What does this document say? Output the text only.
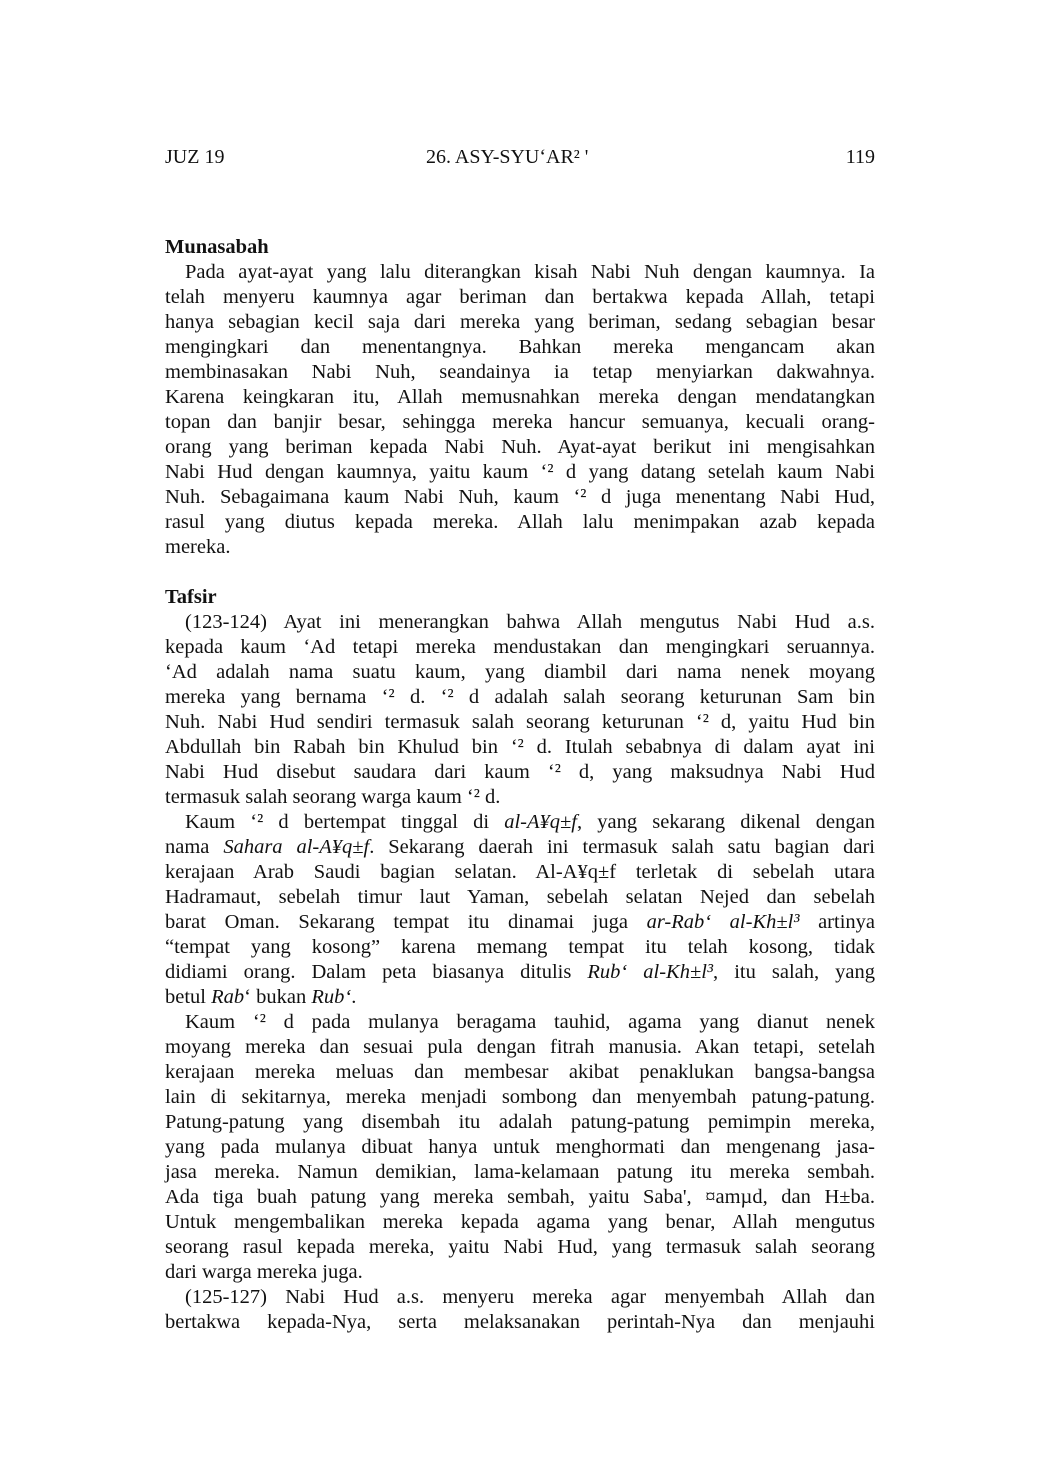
JUZ 19	26. ASY-SYU‘AR² '	119
Munasabah
Pada ayat-ayat yang lalu diterangkan kisah Nabi Nuh dengan kaumnya. Ia
telah menyeru kaumnya agar beriman dan bertakwa kepada Allah, tetapi
hanya sebagian kecil saja dari mereka yang beriman, sedang sebagian besar
mengingkari dan menentangnya. Bahkan mereka mengancam akan
membinasakan Nabi Nuh, seandainya ia tetap menyiarkan dakwahnya.
Karena keingkaran itu, Allah memusnahkan mereka dengan mendatangkan
topan dan banjir besar, sehingga mereka hancur semuanya, kecuali orang-
orang yang beriman kepada Nabi Nuh. Ayat-ayat berikut ini mengisahkan
Nabi Hud dengan kaumnya, yaitu kaum ‘² d yang datang setelah kaum Nabi
Nuh. Sebagaimana kaum Nabi Nuh, kaum ‘² d juga menentang Nabi Hud,
rasul yang diutus kepada mereka. Allah lalu menimpakan azab kepada
mereka.
Tafsir
(123-124) Ayat ini menerangkan bahwa Allah mengutus Nabi Hud a.s.
kepada kaum ‘Ad tetapi mereka mendustakan dan mengingkari seruannya.
‘Ad adalah nama suatu kaum, yang diambil dari nama nenek moyang
mereka yang bernama ‘² d. ‘² d adalah salah seorang keturunan Sam bin
Nuh. Nabi Hud sendiri termasuk salah seorang keturunan ‘² d, yaitu Hud bin
Abdullah bin Rabah bin Khulud bin ‘² d. Itulah sebabnya di dalam ayat ini
Nabi Hud disebut saudara dari kaum ‘² d, yang maksudnya Nabi Hud
termasuk salah seorang warga kaum ‘² d.
Kaum ‘² d bertempat tinggal di al-A¥q±f, yang sekarang dikenal dengan
nama Sahara al-A¥q±f. Sekarang daerah ini termasuk salah satu bagian dari
kerajaan Arab Saudi bagian selatan. Al-A¥q±f terletak di sebelah utara
Hadramaut, sebelah timur laut Yaman, sebelah selatan Nejed dan sebelah
barat Oman. Sekarang tempat itu dinamai juga ar-Rab‘ al-Kh±l³ artinya
“tempat yang kosong” karena memang tempat itu telah kosong, tidak
didiami orang. Dalam peta biasanya ditulis Rub‘ al-Kh±l³, itu salah, yang
betul Rab‘ bukan Rub‘.
Kaum ‘² d pada mulanya beragama tauhid, agama yang dianut nenek
moyang mereka dan sesuai pula dengan fitrah manusia. Akan tetapi, setelah
kerajaan mereka meluas dan membesar akibat penaklukan bangsa-bangsa
lain di sekitarnya, mereka menjadi sombong dan menyembah patung-patung.
Patung-patung yang disembah itu adalah patung-patung pemimpin mereka,
yang pada mulanya dibuat hanya untuk menghormati dan mengenang jasa-
jasa mereka. Namun demikian, lama-kelamaan patung itu mereka sembah.
Ada tiga buah patung yang mereka sembah, yaitu Saba', ¤amµd, dan H±ba.
Untuk mengembalikan mereka kepada agama yang benar, Allah mengutus
seorang rasul kepada mereka, yaitu Nabi Hud, yang termasuk salah seorang
dari warga mereka juga.
(125-127) Nabi Hud a.s. menyeru mereka agar menyembah Allah dan
bertakwa kepada-Nya, serta melaksanakan perintah-Nya dan menjauhi
